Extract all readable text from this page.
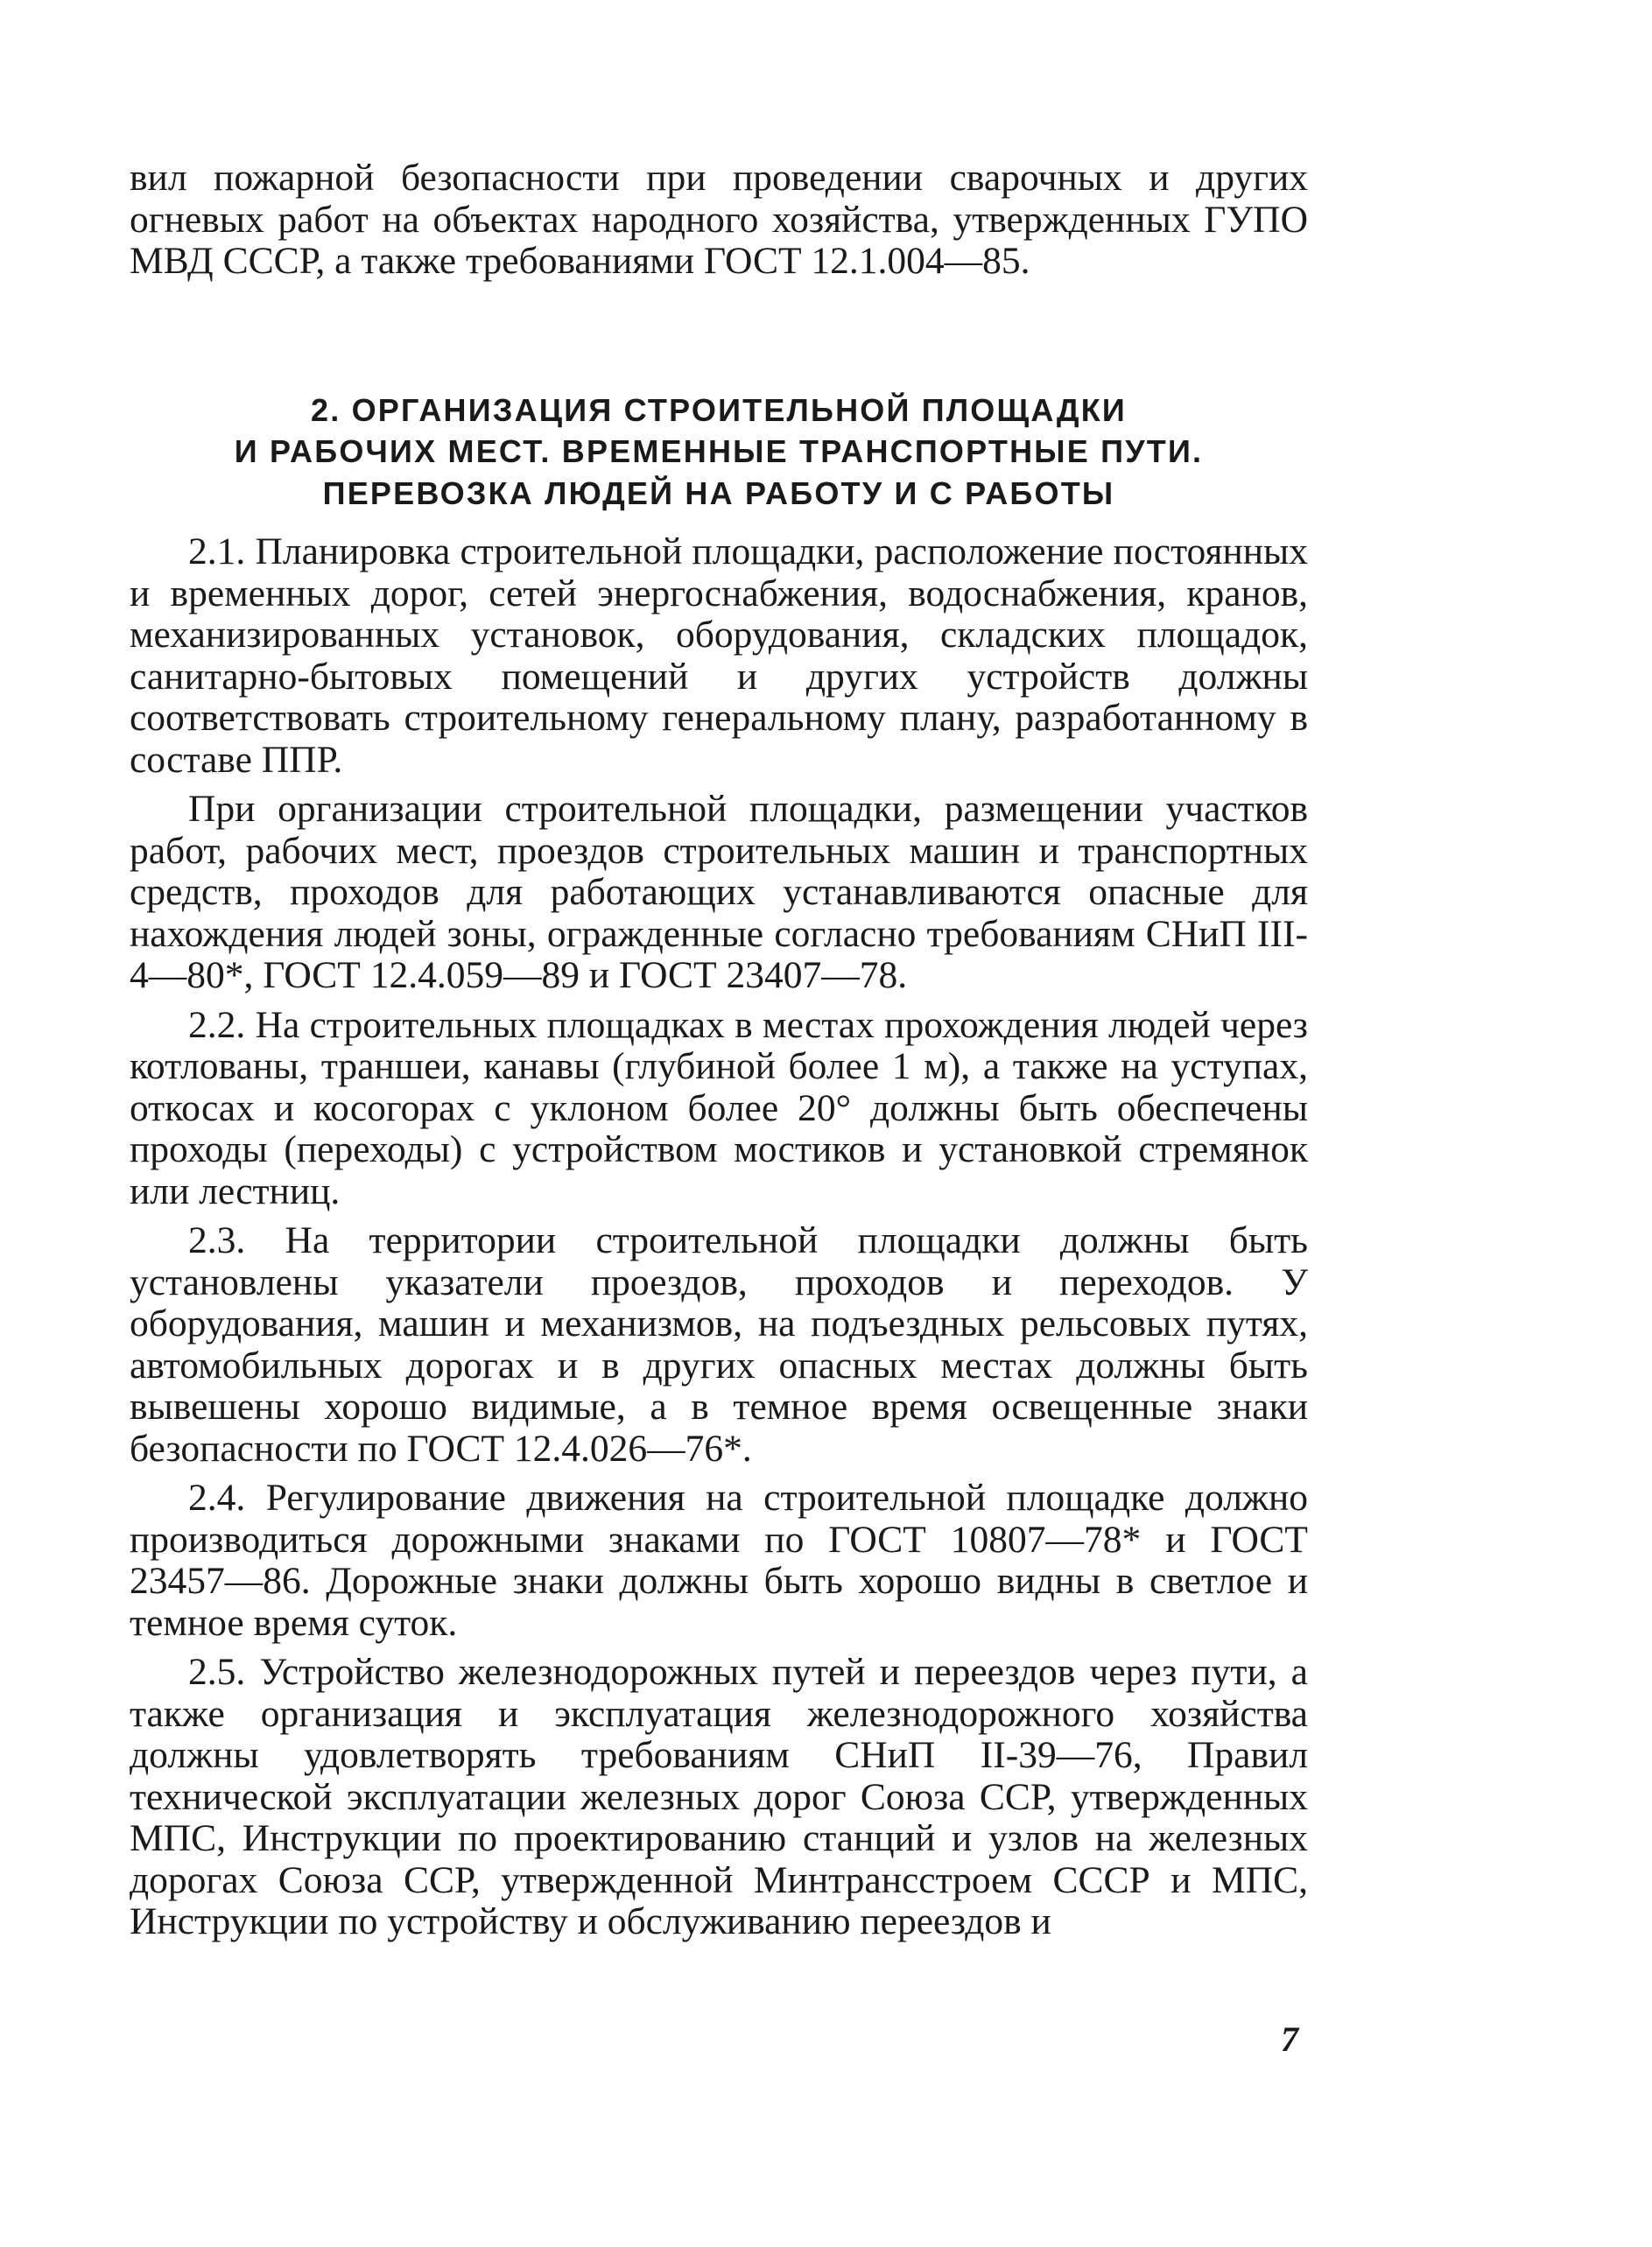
вил пожарной безопасности при проведении сварочных и других огневых работ на объектах народного хозяйства, утвержденных ГУПО МВД СССР, а также требованиями ГОСТ 12.1.004—85.

2. ОРГАНИЗАЦИЯ СТРОИТЕЛЬНОЙ ПЛОЩАДКИ
И РАБОЧИХ МЕСТ. ВРЕМЕННЫЕ ТРАНСПОРТНЫЕ ПУТИ.
ПЕРЕВОЗКА ЛЮДЕЙ НА РАБОТУ И С РАБОТЫ

2.1. Планировка строительной площадки, расположение постоянных и временных дорог, сетей энергоснабжения, водоснабжения, кранов, механизированных установок, оборудования, складских площадок, санитарно-бытовых помещений и других устройств должны соответствовать строительному генеральному плану, разработанному в составе ППР.

При организации строительной площадки, размещении участков работ, рабочих мест, проездов строительных машин и транспортных средств, проходов для работающих устанавливаются опасные для нахождения людей зоны, огражденные согласно требованиям СНиП III-4—80*, ГОСТ 12.4.059—89 и ГОСТ 23407—78.

2.2. На строительных площадках в местах прохождения людей через котлованы, траншеи, канавы (глубиной более 1 м), а также на уступах, откосах и косогорах с уклоном более 20° должны быть обеспечены проходы (переходы) с устройством мостиков и установкой стремянок или лестниц.

2.3. На территории строительной площадки должны быть установлены указатели проездов, проходов и переходов. У оборудования, машин и механизмов, на подъездных рельсовых путях, автомобильных дорогах и в других опасных местах должны быть вывешены хорошо видимые, а в темное время освещенные знаки безопасности по ГОСТ 12.4.026—76*.

2.4. Регулирование движения на строительной площадке должно производиться дорожными знаками по ГОСТ 10807—78* и ГОСТ 23457—86. Дорожные знаки должны быть хорошо видны в светлое и темное время суток.

2.5. Устройство железнодорожных путей и переездов через пути, а также организация и эксплуатация железнодорожного хозяйства должны удовлетворять требованиям СНиП II-39—76, Правил технической эксплуатации железных дорог Союза ССР, утвержденных МПС, Инструкции по проектированию станций и узлов на железных дорогах Союза ССР, утвержденной Минтрансстроем СССР и МПС, Инструкции по устройству и обслуживанию переездов и

7
